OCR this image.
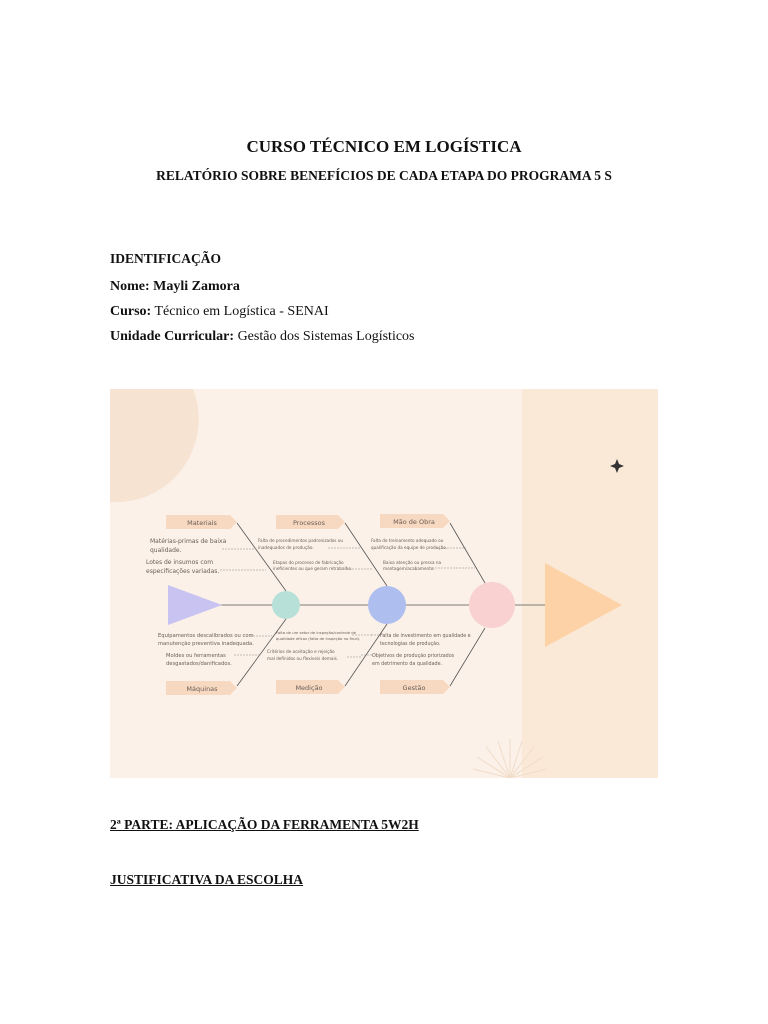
CURSO TÉCNICO EM LOGÍSTICA
RELATÓRIO SOBRE BENEFÍCIOS DE CADA ETAPA DO PROGRAMA 5 S
IDENTIFICAÇÃO
Nome: Mayli Zamora
Curso: Técnico em Logística - SENAI
Unidade Curricular: Gestão dos Sistemas Logísticos
Materiais	Processos	Mão de Obra
Máquinas	Medição	Gestão
Matérias-primas de baixa
qualidade.
Lotes de insumos com
especificações variadas.
Falta de procedimentos padronizados ou
inadequados de produção.
Etapas do processo de fabricação
ineficientes ou que geram retrabalho.
Falta de treinamento adequado ou
qualificação da equipe de produção.
Baixa atenção ou pressa na
montagem/acabamento.
Equipamentos descalibrados ou com
manutenção preventiva inadequada.
Moldes ou ferramentas
desgastados/danificados.
Falta de um setor de inspeção/controle de
qualidade eficaz (falta de inspeção no final).
Critérios de aceitação e rejeição
mal definidos ou flexíveis demais.
Falta de investimento em qualidade e
tecnologias de produção.
Objetivos de produção priorizados
em detrimento da qualidade.
2ª PARTE: APLICAÇÃO DA FERRAMENTA 5W2H
JUSTIFICATIVA DA ESCOLHA
